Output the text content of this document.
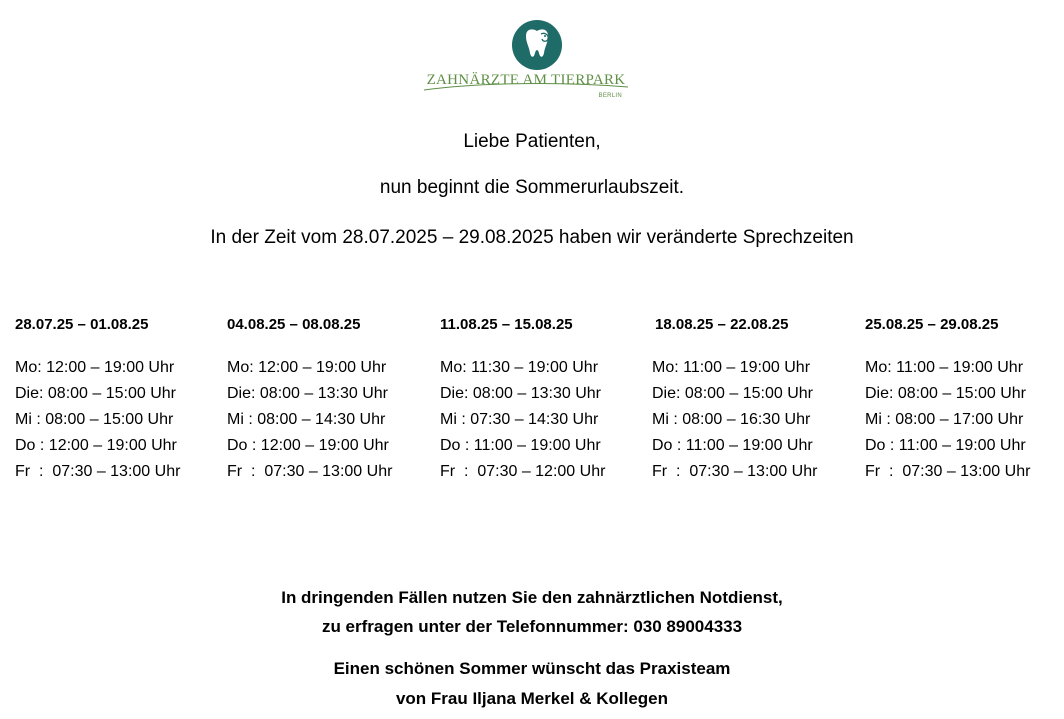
ZAHNÄRZTE AM TIERPARK
BERLIN
Liebe Patienten,
nun beginnt die Sommerurlaubszeit.
In der Zeit vom 28.07.2025 – 29.08.2025 haben wir veränderte Sprechzeiten
28.07.25 – 01.08.25
Mo: 12:00 – 19:00 Uhr
Die: 08:00 – 15:00 Uhr
Mi : 08:00 – 15:00 Uhr
Do : 12:00 – 19:00 Uhr
Fr  :  07:30 – 13:00 Uhr
04.08.25 – 08.08.25
Mo: 12:00 – 19:00 Uhr
Die: 08:00 – 13:30 Uhr
Mi : 08:00 – 14:30 Uhr
Do : 12:00 – 19:00 Uhr
Fr  :  07:30 – 13:00 Uhr
11.08.25 – 15.08.25
Mo: 11:30 – 19:00 Uhr
Die: 08:00 – 13:30 Uhr
Mi : 07:30 – 14:30 Uhr
Do : 11:00 – 19:00 Uhr
Fr  :  07:30 – 12:00 Uhr
18.08.25 – 22.08.25
Mo: 11:00 – 19:00 Uhr
Die: 08:00 – 15:00 Uhr
Mi : 08:00 – 16:30 Uhr
Do : 11:00 – 19:00 Uhr
Fr  :  07:30 – 13:00 Uhr
25.08.25 – 29.08.25
Mo: 11:00 – 19:00 Uhr
Die: 08:00 – 15:00 Uhr
Mi : 08:00 – 17:00 Uhr
Do : 11:00 – 19:00 Uhr
Fr  :  07:30 – 13:00 Uhr
In dringenden Fällen nutzen Sie den zahnärztlichen Notdienst,
zu erfragen unter der Telefonnummer: 030 89004333
Einen schönen Sommer wünscht das Praxisteam
von Frau Iljana Merkel & Kollegen
